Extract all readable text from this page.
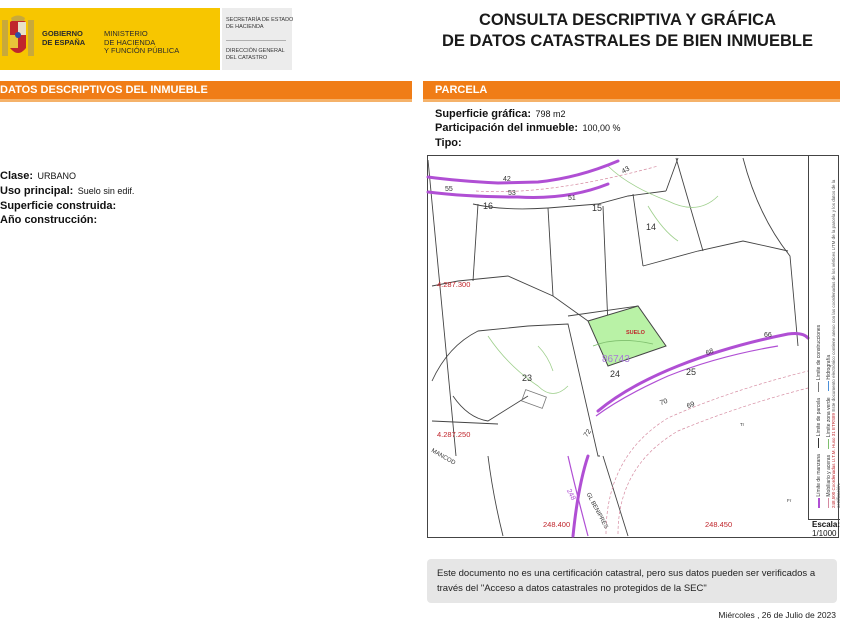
GOBIERNO
DE ESPAÑA
MINISTERIO
DE HACIENDA
Y FUNCIÓN PÚBLICA
SECRETARÍA DE ESTADO
DE HACIENDA
DIRECCIÓN GENERAL
DEL CATASTRO
CONSULTA DESCRIPTIVA Y GRÁFICA
DE DATOS CATASTRALES DE BIEN INMUEBLE
DATOS DESCRIPTIVOS DEL INMUEBLE	PARCELA
Clase: URBANO
Uso principal: Suelo sin edif.
Superficie construida:
Año construcción:
Superficie gráfica: 798 m2
Participación del inmueble: 100,00 %
Tipo:
42
43
55
53
51
66
68
70 69
72
16	15
14
25
24
23
SUELO
86743
4.287.300
4.287.250
248.400	248.450
GL BENIPRES
248
MANCOD
Tr
Fr
Límite de manzana  Límite de parcela  Límite de construcciones
Mobiliario y aceras  Límite zona verde  Hidrografía
248,500 Coordenadas U.T.M. Huso 31 ETRS89 Este documento electrónico contiene anexo con las coordenadas de los vértices UTM de la parcela y los datos de la certificación.
Escala:
1/1000
Este documento no es una certificación catastral, pero sus datos pueden ser verificados a través del "Acceso a datos catastrales no protegidos de la SEC"
Miércoles , 26 de Julio de 2023
